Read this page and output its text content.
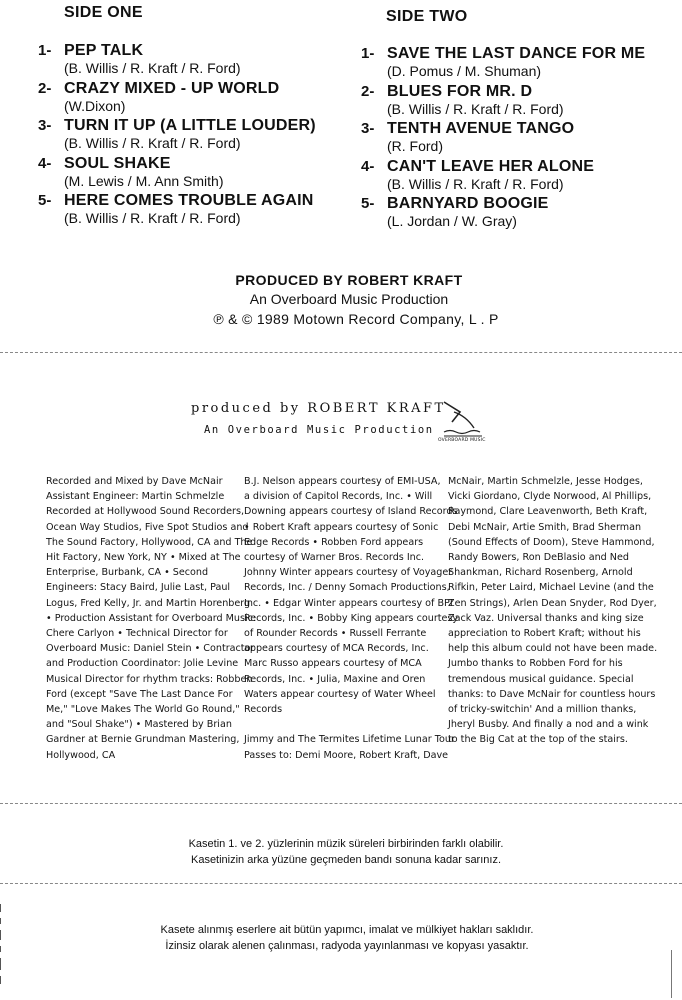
SIDE ONE
1- PEP TALK
(B. Willis / R. Kraft / R. Ford)
2- CRAZY MIXED - UP WORLD
(W.Dixon)
3- TURN IT UP (A LITTLE LOUDER)
(B. Willis / R. Kraft / R. Ford)
4- SOUL SHAKE
(M. Lewis / M. Ann Smith)
5- HERE COMES TROUBLE AGAIN
(B. Willis / R. Kraft / R. Ford)
SIDE TWO
1- SAVE THE LAST DANCE FOR ME
(D. Pomus / M. Shuman)
2- BLUES FOR MR. D
(B. Willis / R. Kraft / R. Ford)
3- TENTH AVENUE TANGO
(R. Ford)
4- CAN'T LEAVE HER ALONE
(B. Willis / R. Kraft / R. Ford)
5- BARNYARD BOOGIE
(L. Jordan / W. Gray)
PRODUCED BY ROBERT KRAFT
An Overboard Music Production
℗ & © 1989 Motown Record Company, L . P
produced by ROBERT KRAFT
An Overboard Music Production
OVERBOARD MUSIC
Recorded and Mixed by Dave McNair
Assistant Engineer: Martin Schmelzle
Recorded at Hollywood Sound Recorders,
Ocean Way Studios, Five Spot Studios and
The Sound Factory, Hollywood, CA and The
Hit Factory, New York, NY • Mixed at The
Enterprise, Burbank, CA • Second
Engineers: Stacy Baird, Julie Last, Paul
Logus, Fred Kelly, Jr. and Martin Horenberg
• Production Assistant for Overboard Music:
Chere Carlyon • Technical Director for
Overboard Music: Daniel Stein • Contractor
and Production Coordinator: Jolie Levine
Musical Director for rhythm tracks: Robben
Ford (except "Save The Last Dance For
Me," "Love Makes The World Go Round,"
and "Soul Shake") • Mastered by Brian
Gardner at Bernie Grundman Mastering,
Hollywood, CA
B.J. Nelson appears courtesy of EMI-USA,
a division of Capitol Records, Inc. • Will
Downing appears courtesy of Island Records
• Robert Kraft appears courtesy of Sonic
Edge Records • Robben Ford appears
courtesy of Warner Bros. Records Inc.
Johnny Winter appears courtesy of Voyager
Records, Inc. / Denny Somach Productions,
Inc. • Edgar Winter appears courtesy of BPI
Records, Inc. • Bobby King appears courtesy
of Rounder Records • Russell Ferrante
appears courtesy of MCA Records, Inc.
Marc Russo appears courtesy of MCA
Records, Inc. • Julia, Maxine and Oren
Waters appear courtesy of Water Wheel
Records
Jimmy and The Termites Lifetime Lunar Tour
Passes to: Demi Moore, Robert Kraft, Dave
McNair, Martin Schmelzle, Jesse Hodges,
Vicki Giordano, Clyde Norwood, Al Phillips,
Raymond, Clare Leavenworth, Beth Kraft,
Debi McNair, Artie Smith, Brad Sherman
(Sound Effects of Doom), Steve Hammond,
Randy Bowers, Ron DeBlasio and Ned
Shankman, Richard Rosenberg, Arnold
Rifkin, Peter Laird, Michael Levine (and the
Zen Strings), Arlen Dean Snyder, Rod Dyer,
Zack Vaz. Universal thanks and king size
appreciation to Robert Kraft; without his
help this album could not have been made.
Jumbo thanks to Robben Ford for his
tremendous musical guidance. Special
thanks: to Dave McNair for countless hours
of tricky-switchin' And a million thanks,
Jheryl Busby. And finally a nod and a wink
to the Big Cat at the top of the stairs.
Kasetin 1. ve 2. yüzlerinin müzik süreleri birbirinden farklı olabilir.
Kasetinizin arka yüzüne geçmeden bandı sonuna kadar sarınız.
Kasete alınmış eserlere ait bütün yapımcı, imalat ve mülkiyet hakları saklıdır.
İzinsiz olarak alenen çalınması, radyoda yayınlanması ve kopyası yasaktır.
